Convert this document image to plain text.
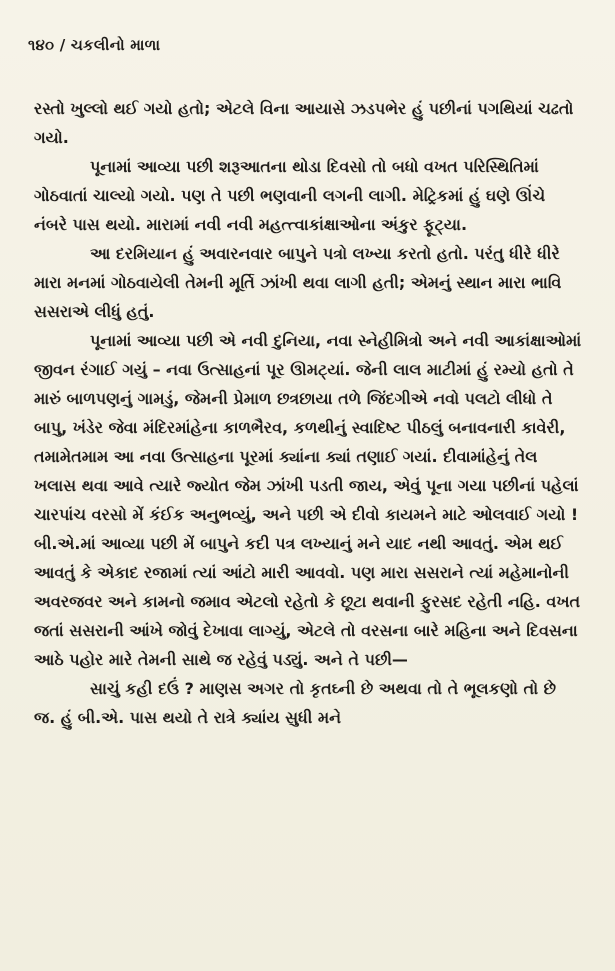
૧૪૦ / ચકલીનો માળા

રસ્તો ખુલ્લો થઈ ગયો હતો; એટલે વિના આયાસે ઝડપભેર હું પછીનાં પગથિયાં ચઢતો ગયો.

પૂનામાં આવ્યા પછી શરૂઆતના થોડા દિવસો તો બધો વખત પરિસ્થિતિમાં ગોઠવાતાં ચાલ્યો ગયો. પણ તે પછી ભણવાની લગની લાગી. મેટ્રિકમાં હું ઘણે ઊંચે નંબરે પાસ થયો. મારામાં નવી નવી મહત્ત્વાકાંક્ષાઓના અંકુર ફૂટ્યા.

આ દરમિયાન હું અવારનવાર બાપુને પત્રો લખ્યા કરતો હતો. પરંતુ ધીરે ધીરે મારા મનમાં ગોઠવાયેલી તેમની મૂર્તિ ઝાંખી થવા લાગી હતી; એમનું સ્થાન મારા ભાવિ સસરાએ લીધું હતું.

પૂનામાં આવ્યા પછી એ નવી દુનિયા, નવા સ્નેહીમિત્રો અને નવી આકાંક્ષાઓમાં જીવન રંગાઈ ગયું – નવા ઉત્સાહનાં પૂર ઊમટ્યાં. જેની લાલ માટીમાં હું રમ્યો હતો તે મારું બાળપણનું ગામડું, જેમની પ્રેમાળ છત્રછાયા તળે જિંદગીએ નવો પલટો લીધો તે બાપુ, ખંડેર જેવા મંદિરમાંહેના કાળભૈરવ, કળથીનું સ્વાદિષ્ટ પીઠલું બનાવનારી કાવેરી, તમામેતમામ આ નવા ઉત્સાહના પૂરમાં ક્યાંના ક્યાં તણાઈ ગયાં. દીવામાંહેનું તેલ ખલાસ થવા આવે ત્યારે જ્યોત જેમ ઝાંખી પડતી જાય, એવું પૂના ગયા પછીનાં પહેલાં ચારપાંચ વરસો મેં કંઈક અનુભવ્યું, અને પછી એ દીવો કાયમને માટે ઓલવાઈ ગયો ! બી.એ.માં આવ્યા પછી મેં બાપુને કદી પત્ર લખ્યાનું મને યાદ નથી આવતું. એમ થઈ આવતું કે એકાદ રજામાં ત્યાં આંટો મારી આવવો. પણ મારા સસરાને ત્યાં મહેમાનોની અવરજવર અને કામનો જમાવ એટલો રહેતો કે છૂટા થવાની ફુરસદ રહેતી નહિ. વખત જતાં સસરાની આંખે જોવું દેખાવા લાગ્યું, એટલે તો વરસના બારે મહિના અને દિવસના આઠે પહોર મારે તેમની સાથે જ રહેવું પડ્યું. અને તે પછી—

સાચું કહી દઉં ? માણસ અગર તો કૃતઘ્ની છે અથવા તો તે ભૂલકણો તો છે જ. હું બી.એ. પાસ થયો તે રાત્રે ક્યાંય સુધી મને
